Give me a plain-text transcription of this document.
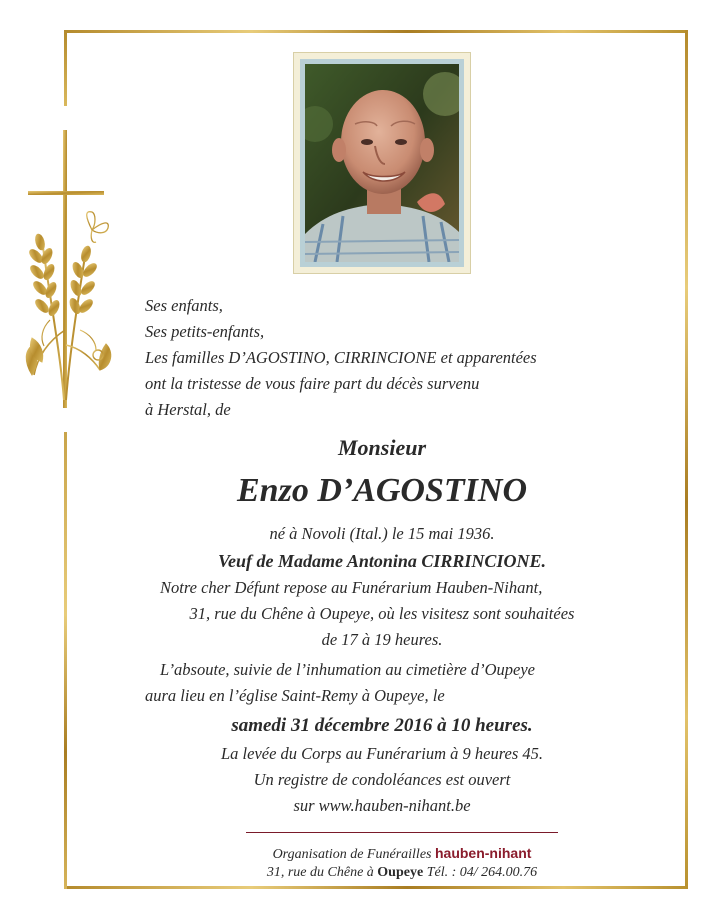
Ses enfants,
Ses petits-enfants,
Les familles D’AGOSTINO, CIRRINCIONE et apparentées
ont la tristesse de vous faire part du décès survenu
à Herstal, de
Monsieur
Enzo D’AGOSTINO
né à Novoli (Ital.) le 15 mai 1936.
Veuf de Madame Antonina CIRRINCIONE.
Notre cher Défunt repose au Funérarium Hauben-Nihant,
31, rue du Chêne à Oupeye, où les visitesz sont souhaitées
de 17 à 19 heures.
L’absoute, suivie de l’inhumation au cimetière d’Oupeye
aura lieu en l’église Saint-Remy à Oupeye, le
samedi 31 décembre 2016 à 10 heures.
La levée du Corps au Funérarium à 9 heures 45.
Un registre de condoléances est ouvert
sur www.hauben-nihant.be
Organisation de Funérailles hauben-nihant
31, rue du Chêne à Oupeye Tél. : 04/ 264.00.76
